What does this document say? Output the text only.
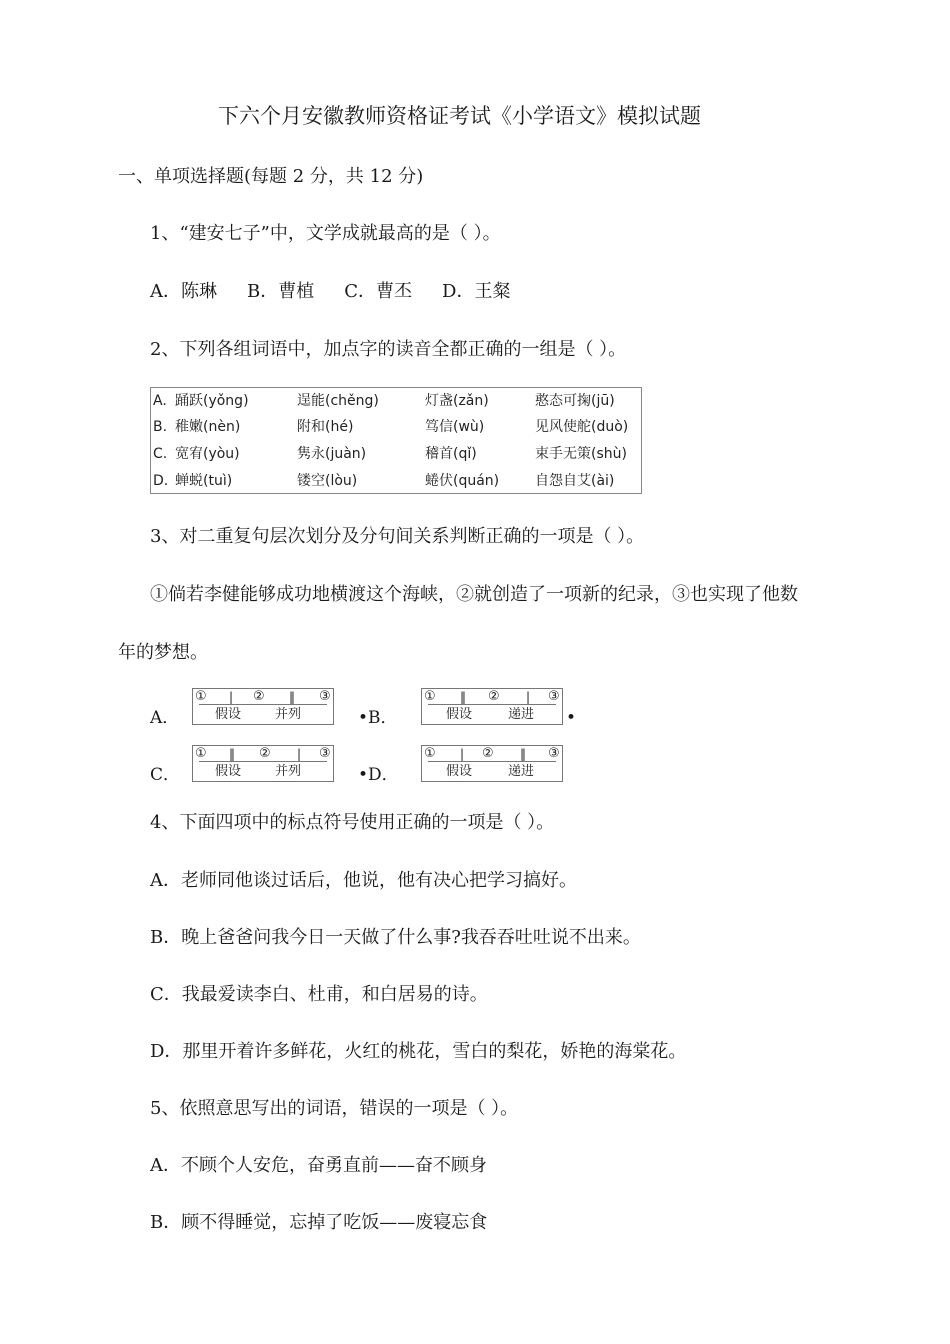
下六个月安徽教师资格证考试《小学语文》模拟试题
一、单项选择题(每题 2 分，共 12 分)
1、“建安七子”中，文学成就最高的是（ ）。
A．陈琳 B．曹植 C．曹丕 D．王粲
2、下列各组词语中，加点字的读音全都正确的一组是（ ）。
A. 踊跃(yǒng)	逞能(chěng)	灯盏(zǎn)	憨态可掬(jū)
B. 稚嫩(nèn)	附和(hé)	笃信(wù)	见风使舵(duò)
C. 宽宥(yòu)	隽永(juàn)	稽首(qǐ)	束手无策(shù)
D. 蝉蜕(tuì)	镂空(lòu)	蜷伏(quán)	自怨自艾(ài)
3、对二重复句层次划分及分句间关系判断正确的一项是（ ）。
①倘若李健能够成功地横渡这个海峡，②就创造了一项新的纪录，③也实现了他数
年的梦想。
A．
① | ② ‖ ③
假设	并列	•B．
① ‖ ② | ③
假设	递进 •
C．
① ‖ ② | ③
假设	并列	•D．
① | ② ‖ ③
假设	递进
4、下面四项中的标点符号使用正确的一项是（ ）。
A．老师同他谈过话后，他说，他有决心把学习搞好。
B．晚上爸爸问我今日一天做了什么事?我吞吞吐吐说不出来。
C．我最爱读李白、杜甫，和白居易的诗。
D．那里开着许多鲜花，火红的桃花，雪白的梨花，娇艳的海棠花。
5、依照意思写出的词语，错误的一项是（ ）。
A．不顾个人安危，奋勇直前——奋不顾身
B．顾不得睡觉，忘掉了吃饭——废寝忘食
